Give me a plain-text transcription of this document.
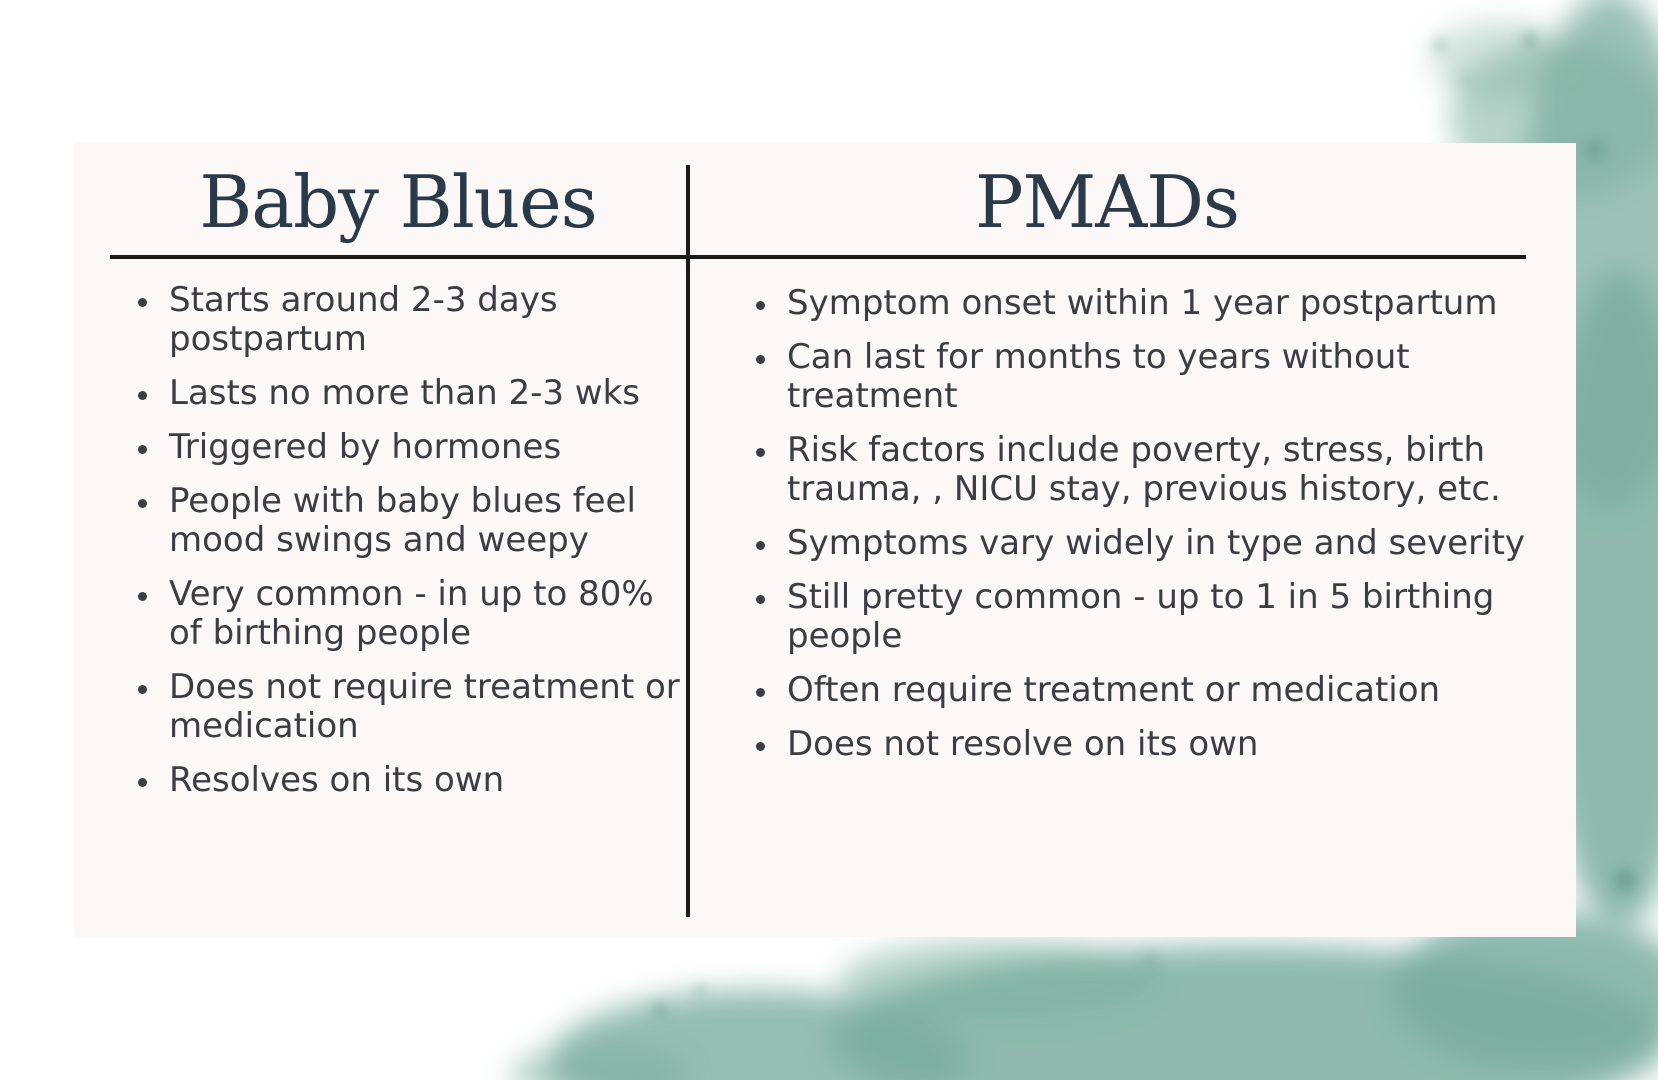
Baby Blues	PMADs
Starts around 2-3 days postpartum
Lasts no more than 2-3 wks
Triggered by hormones
People with baby blues feel mood swings and weepy
Very common - in up to 80% of birthing people
Does not require treatment or medication
Resolves on its own
Symptom onset within 1 year postpartum
Can last for months to years without treatment
Risk factors include poverty, stress, birth trauma, , NICU stay, previous history, etc.
Symptoms vary widely in type and severity
Still pretty common - up to 1 in 5 birthing people
Often require treatment or medication
Does not resolve on its own
